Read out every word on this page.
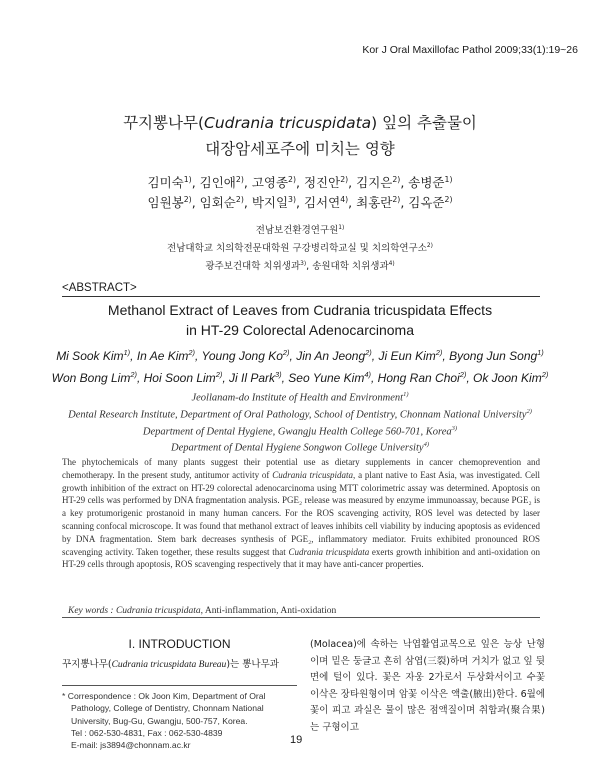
Kor J Oral Maxillofac Pathol 2009;33(1):19~26
꾸지뽕나무(Cudrania tricuspidata) 잎의 추출물이
대장암세포주에 미치는 영향
김미숙$^{1)}$, 김인애$^{2)}$, 고영종$^{2)}$, 정진안$^{2)}$, 김지은$^{2)}$, 송병준$^{1)}$
임원봉$^{2)}$, 임회순$^{2)}$, 박지일$^{3)}$, 김서연$^{4)}$, 최홍란$^{2)}$, 김옥준$^{2)}$
전남보건환경연구원$^{1)}$
전남대학교 치의학전문대학원 구강병리학교실 및 치의학연구소$^{2)}$
광주보건대학 치위생과$^{3)}$, 송원대학 치위생과$^{4)}$
<ABSTRACT>
Methanol Extract of Leaves from Cudrania tricuspidata Effects
in HT-29 Colorectal Adenocarcinoma
Mi Sook Kim$^{1)}$, In Ae Kim$^{2)}$, Young Jong Ko$^{2)}$, Jin An Jeong$^{2)}$, Ji Eun Kim$^{2)}$, Byong Jun Song$^{1)}$
Won Bong Lim$^{2)}$, Hoi Soon Lim$^{2)}$, Ji Il Park$^{3)}$, Seo Yune Kim$^{4)}$, Hong Ran Choi$^{2)}$, Ok Joon Kim$^{2)}$
Jeollanam-do Institute of Health and Environment$^{1)}$
Dental Research Institute, Department of Oral Pathology, School of Dentistry, Chonnam National University$^{2)}$
Department of Dental Hygiene, Gwangju Health College 560-701, Korea$^{3)}$
Department of Dental Hygiene Songwon College University$^{4)}$
The phytochemicals of many plants suggest their potential use as dietary supplements in cancer chemoprevention and chemotherapy. In the present study, antitumor activity of Cudrania tricuspidata, a plant native to East Asia, was investigated. Cell growth inhibition of the extract on HT-29 colorectal adenocarcinoma using MTT colorimetric assay was determined. Apoptosis on HT-29 cells was performed by DNA fragmentation analysis. PGE₂ release was measured by enzyme immunoassay, because PGE₂ is a key protumorigenic prostanoid in many human cancers. For the ROS scavenging activity, ROS level was detected by laser scanning confocal microscope. It was found that methanol extract of leaves inhibits cell viability by inducing apoptosis as evidenced by DNA fragmentation. Stem bark decreases synthesis of PGE₂, inflammatory mediator. Fruits exhibited pronounced ROS scavenging activity. Taken together, these results suggest that Cudrania tricuspidata exerts growth inhibition and anti-oxidation on HT-29 cells through apoptosis, ROS scavenging respectively that it may have anti-cancer properties.
Key words : Cudrania tricuspidata, Anti-inflammation, Anti-oxidation
I. INTRODUCTION
꾸지뽕나무(Cudrania tricuspidata Bureau)는 뽕나무과
(Molacea)에 속하는 낙엽활엽교목으로 잎은 능상 난형이며 밑은 둥글고 흔히 삼엽(三裂)하며 거치가 없고 잎 뒷면에 털이 있다. 꽃은 자웅 2가로서 두상화서이고 수꽃 이삭은 장타원형이며 암꽃 이삭은 액출(腋出)한다. 6월에 꽃이 피고 과실은 물이 많은 점액질이며 취합과(聚合果)는 구형이고
* Correspondence : Ok Joon Kim, Department of Oral
Pathology, College of Dentistry, Chonnam National
University, Bug-Gu, Gwangju, 500-757, Korea.
Tel : 062-530-4831, Fax : 062-530-4839
E-mail: js3894@chonnam.ac.kr	19
